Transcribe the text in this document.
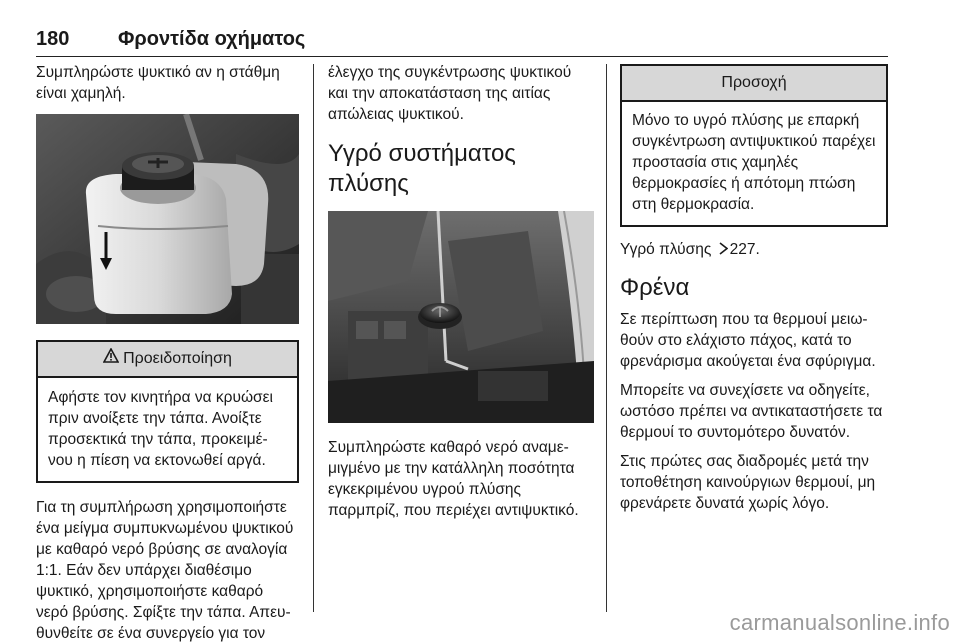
180 Φροντίδα οχήματος

Συμπληρώστε ψυκτικό αν η στάθμη είναι χαμηλή.

Προειδοποίηση
Αφήστε τον κινητήρα να κρυώσει πριν ανοίξετε την τάπα. Ανοίξτε προσεκτικά την τάπα, προκειμένου η πίεση να εκτονωθεί αργά.

Για τη συμπλήρωση χρησιμοποιήστε ένα μείγμα συμπυκνωμένου ψυκτικού με καθαρό νερό βρύσης σε αναλογία 1:1. Εάν δεν υπάρχει διαθέσιμο ψυκτικό, χρησιμοποιήστε καθαρό νερό βρύσης. Σφίξτε την τάπα. Απευθυνθείτε σε ένα συνεργείο για τον

έλεγχο της συγκέντρωσης ψυκτικού και την αποκατάσταση της αιτίας απώλειας ψυκτικού.

Υγρό συστήματος πλύσης

Συμπληρώστε καθαρό νερό αναμεμιγμένο με την κατάλληλη ποσότητα εγκεκριμένου υγρού πλύσης παρμπρίζ, που περιέχει αντιψυκτικό.

Προσοχή
Μόνο το υγρό πλύσης με επαρκή συγκέντρωση αντιψυκτικού παρέχει προστασία στις χαμηλές θερμοκρασίες ή απότομη πτώση στη θερμοκρασία.

Υγρό πλύσης 227.

Φρένα

Σε περίπτωση που τα θερμουί μειωθούν στο ελάχιστο πάχος, κατά το φρενάρισμα ακούγεται ένα σφύριγμα.

Μπορείτε να συνεχίσετε να οδηγείτε, ωστόσο πρέπει να αντικαταστήσετε τα θερμουί το συντομότερο δυνατόν.

Στις πρώτες σας διαδρομές μετά την τοποθέτηση καινούργιων θερμουί, μη φρενάρετε δυνατά χωρίς λόγο.

carmanualsonline.info
